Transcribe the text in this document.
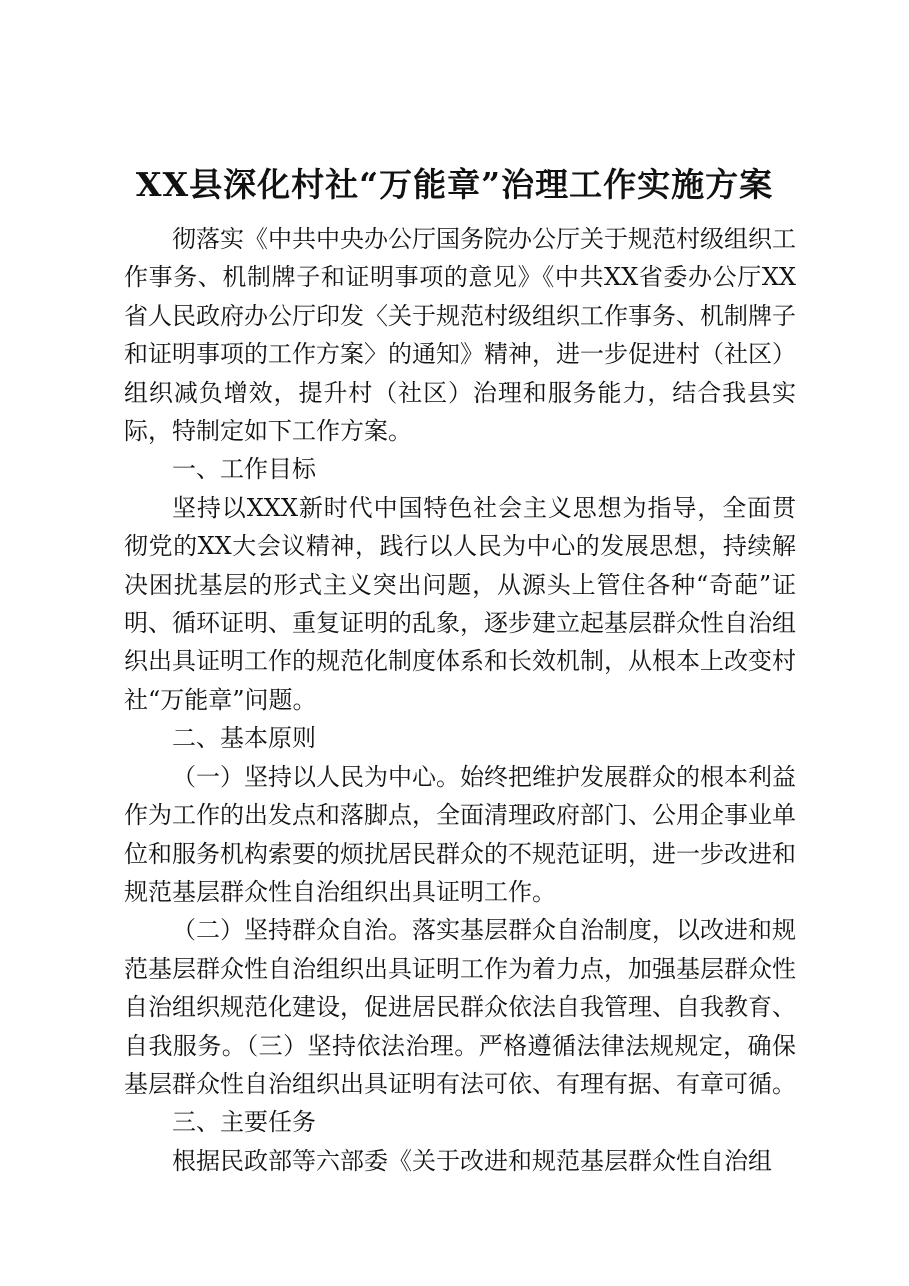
XX县深化村社“万能章”治理工作实施方案

彻落实《中共中央办公厅国务院办公厅关于规范村级组织工作事务、机制牌子和证明事项的意见》《中共XX省委办公厅XX省人民政府办公厅印发〈关于规范村级组织工作事务、机制牌子和证明事项的工作方案〉的通知》精神，进一步促进村（社区）组织减负增效，提升村（社区）治理和服务能力，结合我县实际，特制定如下工作方案。

一、工作目标

坚持以XXX新时代中国特色社会主义思想为指导，全面贯彻党的XX大会议精神，践行以人民为中心的发展思想，持续解决困扰基层的形式主义突出问题，从源头上管住各种“奇葩”证明、循环证明、重复证明的乱象，逐步建立起基层群众性自治组织出具证明工作的规范化制度体系和长效机制，从根本上改变村社“万能章”问题。

二、基本原则

（一）坚持以人民为中心。始终把维护发展群众的根本利益作为工作的出发点和落脚点，全面清理政府部门、公用企事业单位和服务机构索要的烦扰居民群众的不规范证明，进一步改进和规范基层群众性自治组织出具证明工作。

（二）坚持群众自治。落实基层群众自治制度，以改进和规范基层群众性自治组织出具证明工作为着力点，加强基层群众性自治组织规范化建设，促进居民群众依法自我管理、自我教育、自我服务。（三）坚持依法治理。严格遵循法律法规规定，确保基层群众性自治组织出具证明有法可依、有理有据、有章可循。

三、主要任务

根据民政部等六部委《关于改进和规范基层群众性自治组
